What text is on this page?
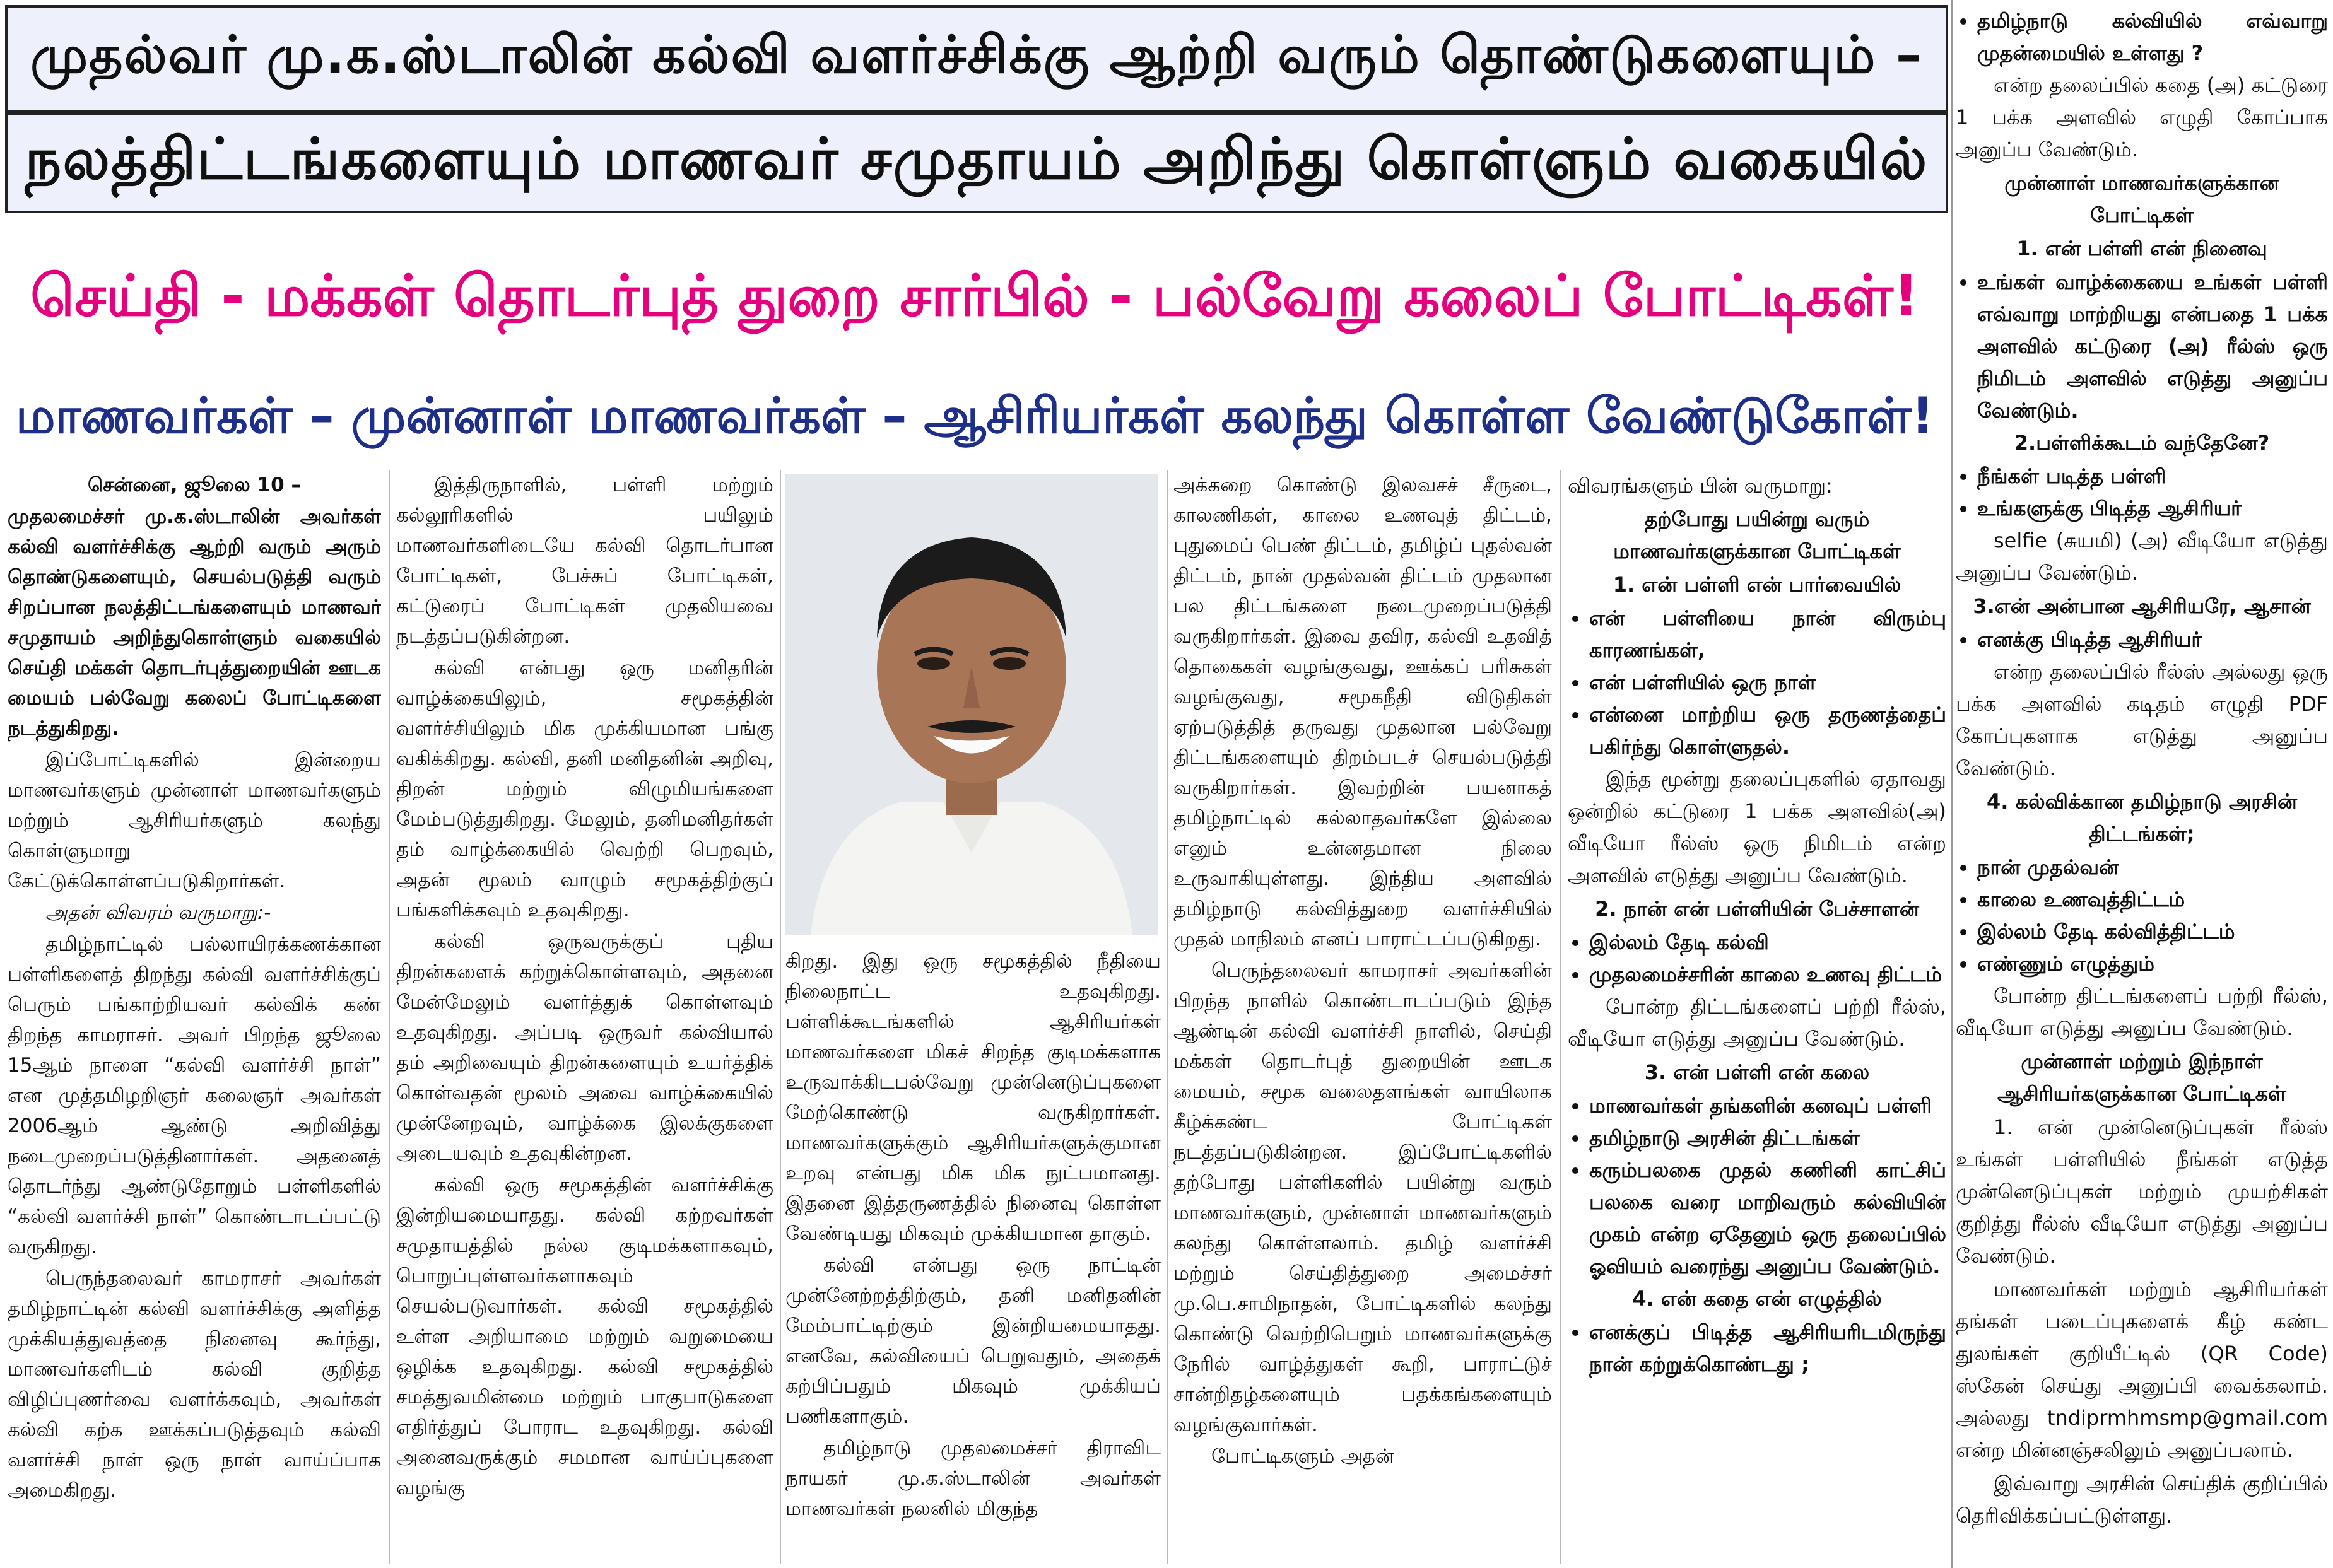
முதல்வர் மு.க.ஸ்டாலின் கல்வி வளர்ச்சிக்கு ஆற்றி வரும் தொண்டுகளையும் –
நலத்திட்டங்களையும் மாணவர் சமுதாயம் அறிந்து கொள்ளும் வகையில்
செய்தி - மக்கள் தொடர்புத் துறை சார்பில் - பல்வேறு கலைப் போட்டிகள்!
மாணவர்கள் – முன்னாள் மாணவர்கள் – ஆசிரியர்கள் கலந்து கொள்ள வேண்டுகோள்!

சென்னை, ஜூலை 10 –

முதலமைச்சர் மு.க.ஸ்டாலின் அவர்கள் கல்வி வளர்ச்சிக்கு ஆற்றி வரும் அரும் தொண்டுகளையும், செயல்படுத்தி வரும் சிறப்பான நலத்திட்டங்களையும் மாணவர் சமுதாயம் அறிந்துகொள்ளும் வகையில் செய்தி மக்கள் தொடர்புத்துறையின் ஊடக மையம் பல்வேறு கலைப் போட்டிகளை நடத்துகிறது.

இப்போட்டிகளில் இன்றைய மாணவர்களும் முன்னாள் மாணவர்களும் மற்றும் ஆசிரியர்களும் கலந்து கொள்ளுமாறு கேட்டுக்கொள்ளப்படுகிறார்கள்.

அதன் விவரம் வருமாறு:-

தமிழ்நாட்டில் பல்லாயிரக்கணக்கான பள்ளிகளைத் திறந்து கல்வி வளர்ச்சிக்குப் பெரும் பங்காற்றியவர் கல்விக் கண் திறந்த காமராசர். அவர் பிறந்த ஜூலை 15ஆம் நாளை “கல்வி வளர்ச்சி நாள்” என முத்தமிழறிஞர் கலைஞர் அவர்கள் 2006ஆம் ஆண்டு அறிவித்து நடைமுறைப்படுத்தினார்கள். அதனைத் தொடர்ந்து ஆண்டுதோறும் பள்ளிகளில் “கல்வி வளர்ச்சி நாள்” கொண்டாடப்பட்டு வருகிறது.

பெருந்தலைவர் காமராசர் அவர்கள் தமிழ்நாட்டின் கல்வி வளர்ச்சிக்கு அளித்த முக்கியத்துவத்தை நினைவு கூர்ந்து, மாணவர்களிடம் கல்வி குறித்த விழிப்புணர்வை வளர்க்கவும், அவர்கள் கல்வி கற்க ஊக்கப்படுத்தவும் கல்வி வளர்ச்சி நாள் ஒரு நாள் வாய்ப்பாக அமைகிறது.

இத்திருநாளில், பள்ளி மற்றும் கல்லூரிகளில் பயிலும் மாணவர்களிடையே கல்வி தொடர்பான போட்டிகள், பேச்சுப் போட்டிகள், கட்டுரைப் போட்டிகள் முதலியவை நடத்தப்படுகின்றன.

கல்வி என்பது ஒரு மனிதரின் வாழ்க்கையிலும், சமூகத்தின் வளர்ச்சியிலும் மிக முக்கியமான பங்கு வகிக்கிறது. கல்வி, தனி மனிதனின் அறிவு, திறன் மற்றும் விழுமியங்களை மேம்படுத்துகிறது. மேலும், தனிமனிதர்கள் தம் வாழ்க்கையில் வெற்றி பெறவும், அதன் மூலம் வாழும் சமூகத்திற்குப் பங்களிக்கவும் உதவுகிறது.

கல்வி ஒருவருக்குப் புதிய திறன்களைக் கற்றுக்கொள்ளவும், அதனை மேன்மேலும் வளர்த்துக் கொள்ளவும் உதவுகிறது. அப்படி ஒருவர் கல்வியால் தம் அறிவையும் திறன்களையும் உயர்த்திக் கொள்வதன் மூலம் அவை வாழ்க்கையில் முன்னேறவும், வாழ்க்கை இலக்குகளை அடையவும் உதவுகின்றன.

கல்வி ஒரு சமூகத்தின் வளர்ச்சிக்கு இன்றியமையாதது. கல்வி கற்றவர்கள் சமுதாயத்தில் நல்ல குடிமக்களாகவும், பொறுப்புள்ளவர்களாகவும் செயல்படுவார்கள். கல்வி சமூகத்தில் உள்ள அறியாமை மற்றும் வறுமையை ஒழிக்க உதவுகிறது. கல்வி சமூகத்தில் சமத்துவமின்மை மற்றும் பாகுபாடுகளை எதிர்த்துப் போராட உதவுகிறது. கல்வி அனைவருக்கும் சமமான வாய்ப்புகளை வழங்கு

கிறது. இது ஒரு சமூகத்தில் நீதியை நிலைநாட்ட உதவுகிறது. பள்ளிக்கூடங்களில் ஆசிரியர்கள் மாணவர்களை மிகச் சிறந்த குடிமக்களாக உருவாக்கிடபல்வேறு முன்னெடுப்புகளை மேற்கொண்டு வருகிறார்கள். மாணவர்களுக்கும் ஆசிரியர்களுக்குமான உறவு என்பது மிக மிக நுட்பமானது. இதனை இத்தருணத்தில் நினைவு கொள்ள வேண்டியது மிகவும் முக்கியமான தாகும்.

கல்வி என்பது ஒரு நாட்டின் முன்னேற்றத்திற்கும், தனி மனிதனின் மேம்பாட்டிற்கும் இன்றியமையாதது. எனவே, கல்வியைப் பெறுவதும், அதைக் கற்பிப்பதும் மிகவும் முக்கியப் பணிகளாகும்.

தமிழ்நாடு முதலமைச்சர் திராவிட நாயகர் மு.க.ஸ்டாலின் அவர்கள் மாணவர்கள் நலனில் மிகுந்த

அக்கறை கொண்டு இலவசச் சீருடை, காலணிகள், காலை உணவுத் திட்டம், புதுமைப் பெண் திட்டம், தமிழ்ப் புதல்வன் திட்டம், நான் முதல்வன் திட்டம் முதலான பல திட்டங்களை நடைமுறைப்படுத்தி வருகிறார்கள். இவை தவிர, கல்வி உதவித் தொகைகள் வழங்குவது, ஊக்கப் பரிசுகள் வழங்குவது, சமூகநீதி விடுதிகள் ஏற்படுத்தித் தருவது முதலான பல்வேறு திட்டங்களையும் திறம்படச் செயல்படுத்தி வருகிறார்கள். இவற்றின் பயனாகத் தமிழ்நாட்டில் கல்லாதவர்களே இல்லை எனும் உன்னதமான நிலை உருவாகியுள்ளது. இந்திய அளவில் தமிழ்நாடு கல்வித்துறை வளர்ச்சியில் முதல் மாநிலம் எனப் பாராட்டப்படுகிறது.

பெருந்தலைவர் காமராசர் அவர்களின் பிறந்த நாளில் கொண்டாடப்படும் இந்த ஆண்டின் கல்வி வளர்ச்சி நாளில், செய்தி மக்கள் தொடர்புத் துறையின் ஊடக மையம், சமூக வலைதளங்கள் வாயிலாக கீழ்க்கண்ட போட்டிகள் நடத்தப்படுகின்றன. இப்போட்டிகளில் தற்போது பள்ளிகளில் பயின்று வரும் மாணவர்களும், முன்னாள் மாணவர்களும் கலந்து கொள்ளலாம். தமிழ் வளர்ச்சி மற்றும் செய்தித்துறை அமைச்சர் மு.பெ.சாமிநாதன், போட்டிகளில் கலந்து கொண்டு வெற்றிபெறும் மாணவர்களுக்கு நேரில் வாழ்த்துகள் கூறி, பாராட்டுச் சான்றிதழ்களையும் பதக்கங்களையும் வழங்குவார்கள்.

போட்டிகளும் அதன்

விவரங்களும் பின் வருமாறு:

தற்போது பயின்று வரும் மாணவர்களுக்கான போட்டிகள்

1. என் பள்ளி என் பார்வையில்

• என் பள்ளியை நான் விரும்பு காரணங்கள்,
• என் பள்ளியில் ஒரு நாள்
• என்னை மாற்றிய ஒரு தருணத்தைப் பகிர்ந்து கொள்ளுதல்.

இந்த மூன்று தலைப்புகளில் ஏதாவது ஒன்றில் கட்டுரை 1 பக்க அளவில்(அ) வீடியோ ரீல்ஸ் ஒரு நிமிடம் என்ற அளவில் எடுத்து அனுப்ப வேண்டும்.

2. நான் என் பள்ளியின் பேச்சாளன்

• இல்லம் தேடி கல்வி
• முதலமைச்சரின் காலை உணவு திட்டம்

போன்ற திட்டங்களைப் பற்றி ரீல்ஸ், வீடியோ எடுத்து அனுப்ப வேண்டும்.

3. என் பள்ளி என் கலை

• மாணவர்கள் தங்களின் கனவுப் பள்ளி
• தமிழ்நாடு அரசின் திட்டங்கள்
• கரும்பலகை முதல் கணினி காட்சிப் பலகை வரை மாறிவரும் கல்வியின் முகம் என்ற ஏதேனும் ஒரு தலைப்பில் ஓவியம் வரைந்து அனுப்ப வேண்டும்.

4. என் கதை என் எழுத்தில்

• எனக்குப் பிடித்த ஆசிரியரிடமிருந்து நான் கற்றுக்கொண்டது ;
• தமிழ்நாடு கல்வியில் எவ்வாறு முதன்மையில் உள்ளது ?

என்ற தலைப்பில் கதை (அ) கட்டுரை 1 பக்க அளவில் எழுதி கோப்பாக அனுப்ப வேண்டும்.

முன்னாள் மாணவர்களுக்கான போட்டிகள்

1. என் பள்ளி என் நினைவு

• உங்கள் வாழ்க்கையை உங்கள் பள்ளி எவ்வாறு மாற்றியது என்பதை 1 பக்க அளவில் கட்டுரை (அ) ரீல்ஸ் ஒரு நிமிடம் அளவில் எடுத்து அனுப்ப வேண்டும்.

2.பள்ளிக்கூடம் வந்தேனே?

• நீங்கள் படித்த பள்ளி
• உங்களுக்கு பிடித்த ஆசிரியர்

selfie (சுயமி) (அ) வீடியோ எடுத்து அனுப்ப வேண்டும்.

3.என் அன்பான ஆசிரியரே, ஆசான்

• எனக்கு பிடித்த ஆசிரியர்

என்ற தலைப்பில் ரீல்ஸ் அல்லது ஒரு பக்க அளவில் கடிதம் எழுதி PDF கோப்புகளாக எடுத்து அனுப்ப வேண்டும்.

4. கல்விக்கான தமிழ்நாடு அரசின் திட்டங்கள்;

• நான் முதல்வன்
• காலை உணவுத்திட்டம்
• இல்லம் தேடி கல்வித்திட்டம்
• எண்ணும் எழுத்தும்

போன்ற திட்டங்களைப் பற்றி ரீல்ஸ், வீடியோ எடுத்து அனுப்ப வேண்டும்.

முன்னாள் மற்றும் இந்நாள் ஆசிரியர்களுக்கான போட்டிகள்

1. என் முன்னெடுப்புகள் ரீல்ஸ் உங்கள் பள்ளியில் நீங்கள் எடுத்த முன்னெடுப்புகள் மற்றும் முயற்சிகள் குறித்து ரீல்ஸ் வீடியோ எடுத்து அனுப்ப வேண்டும்.

மாணவர்கள் மற்றும் ஆசிரியர்கள் தங்கள் படைப்புகளைக் கீழ் கண்ட துலங்கள் குறியீட்டில் (QR Code) ஸ்கேன் செய்து அனுப்பி வைக்கலாம். அல்லது tndiprmhmsmp@gmail.com என்ற மின்னஞ்சலிலும் அனுப்பலாம்.

இவ்வாறு அரசின் செய்திக் குறிப்பில் தெரிவிக்கப்பட்டுள்ளது.
